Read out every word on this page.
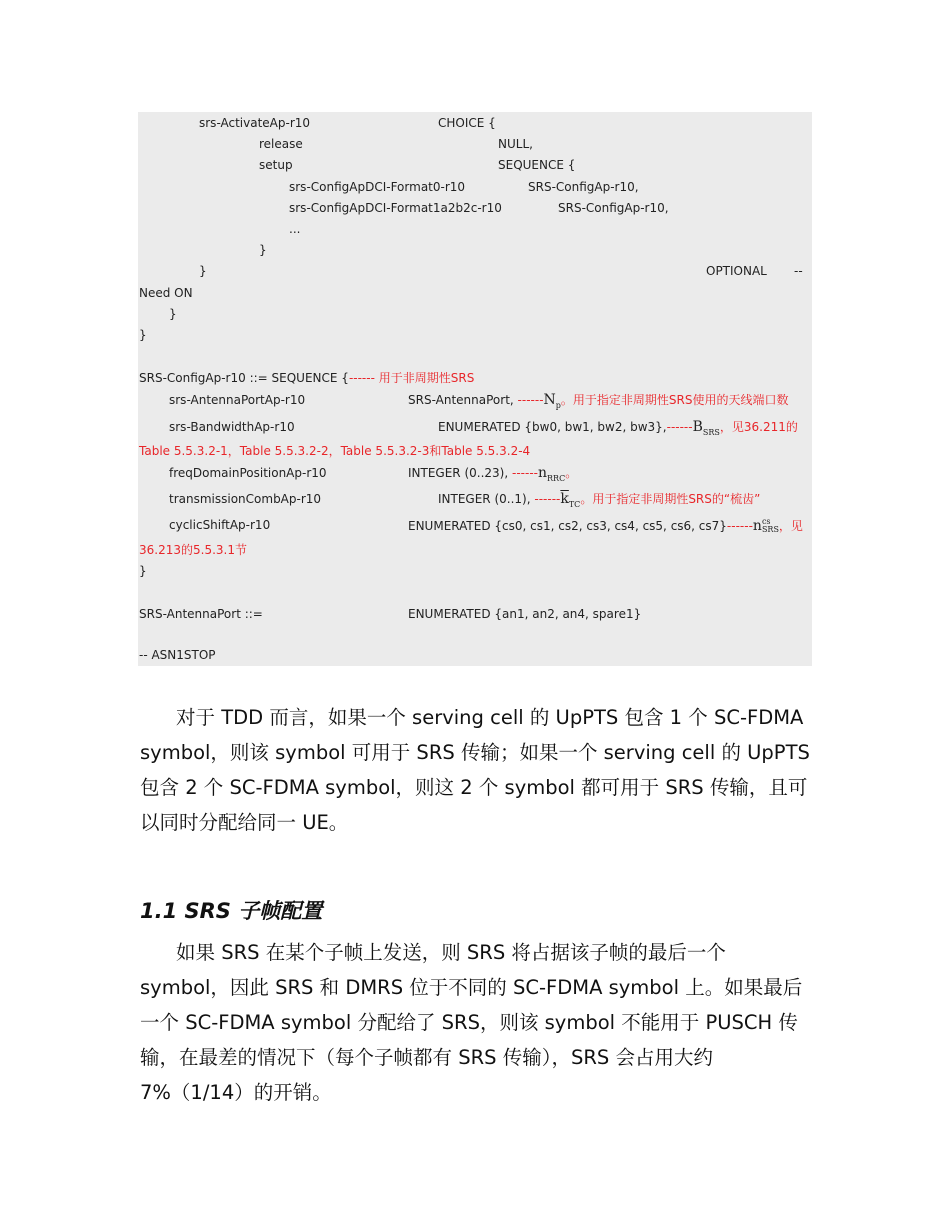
srs-ActivateAp-r10	CHOICE {
release	NULL,
setup	SEQUENCE {
srs-ConfigApDCI-Format0-r10	SRS-ConfigAp-r10,
srs-ConfigApDCI-Format1a2b2c-r10	SRS-ConfigAp-r10,
...
}
}	OPTIONAL --
Need ON
}
}
SRS-ConfigAp-r10 ::= SEQUENCE {------ 用于非周期性SRS
srs-AntennaPortAp-r10	SRS-AntennaPort, $------N_p$。用于指定非周期性SRS使用的天线端口数
srs-BandwidthAp-r10	ENUMERATED {bw0, bw1, bw2, $bw3\},------B_{SRS}$，见36.211的
Table 5.5.3.2-1，Table 5.5.3.2-2，Table 5.5.3.2-3和Table 5.5.3.2-4
freqDomainPositionAp-r10	INTEGER (0..23), $------n_{RRC}$。
transmissionCombAp-r10	INTEGER (0..1), $------\overline{k}_{TC}$。用于指定非周期性SRS的“梳齿”
cyclicShiftAp-r10	ENUMERATED {cs0, cs1, cs2, cs3, cs4, cs5, cs6, cs7}------n cs
SRS ，见
36.213的5.5.3.1节
}
SRS-AntennaPort ::=	ENUMERATED {an1, an2, an4, spare1}
-- ASN1STOP

对于 TDD 而言，如果一个 serving cell 的 UpPTS 包含 1 个 SC-FDMA symbol，则该 symbol 可用于 SRS 传输；如果一个 serving cell 的 UpPTS 包含 2 个 SC-FDMA symbol，则这 2 个 symbol 都可用于 SRS 传输，且可以同时分配给同一 UE。

1.1 SRS 子帧配置

如果 SRS 在某个子帧上发送，则 SRS 将占据该子帧的最后一个 symbol，因此 SRS 和 DMRS 位于不同的 SC-FDMA symbol 上。如果最后一个 SC-FDMA symbol 分配给了 SRS，则该 symbol 不能用于 PUSCH 传输，在最差的情况下（每个子帧都有 SRS 传输），SRS 会占用大约 7%（1/14）的开销。
